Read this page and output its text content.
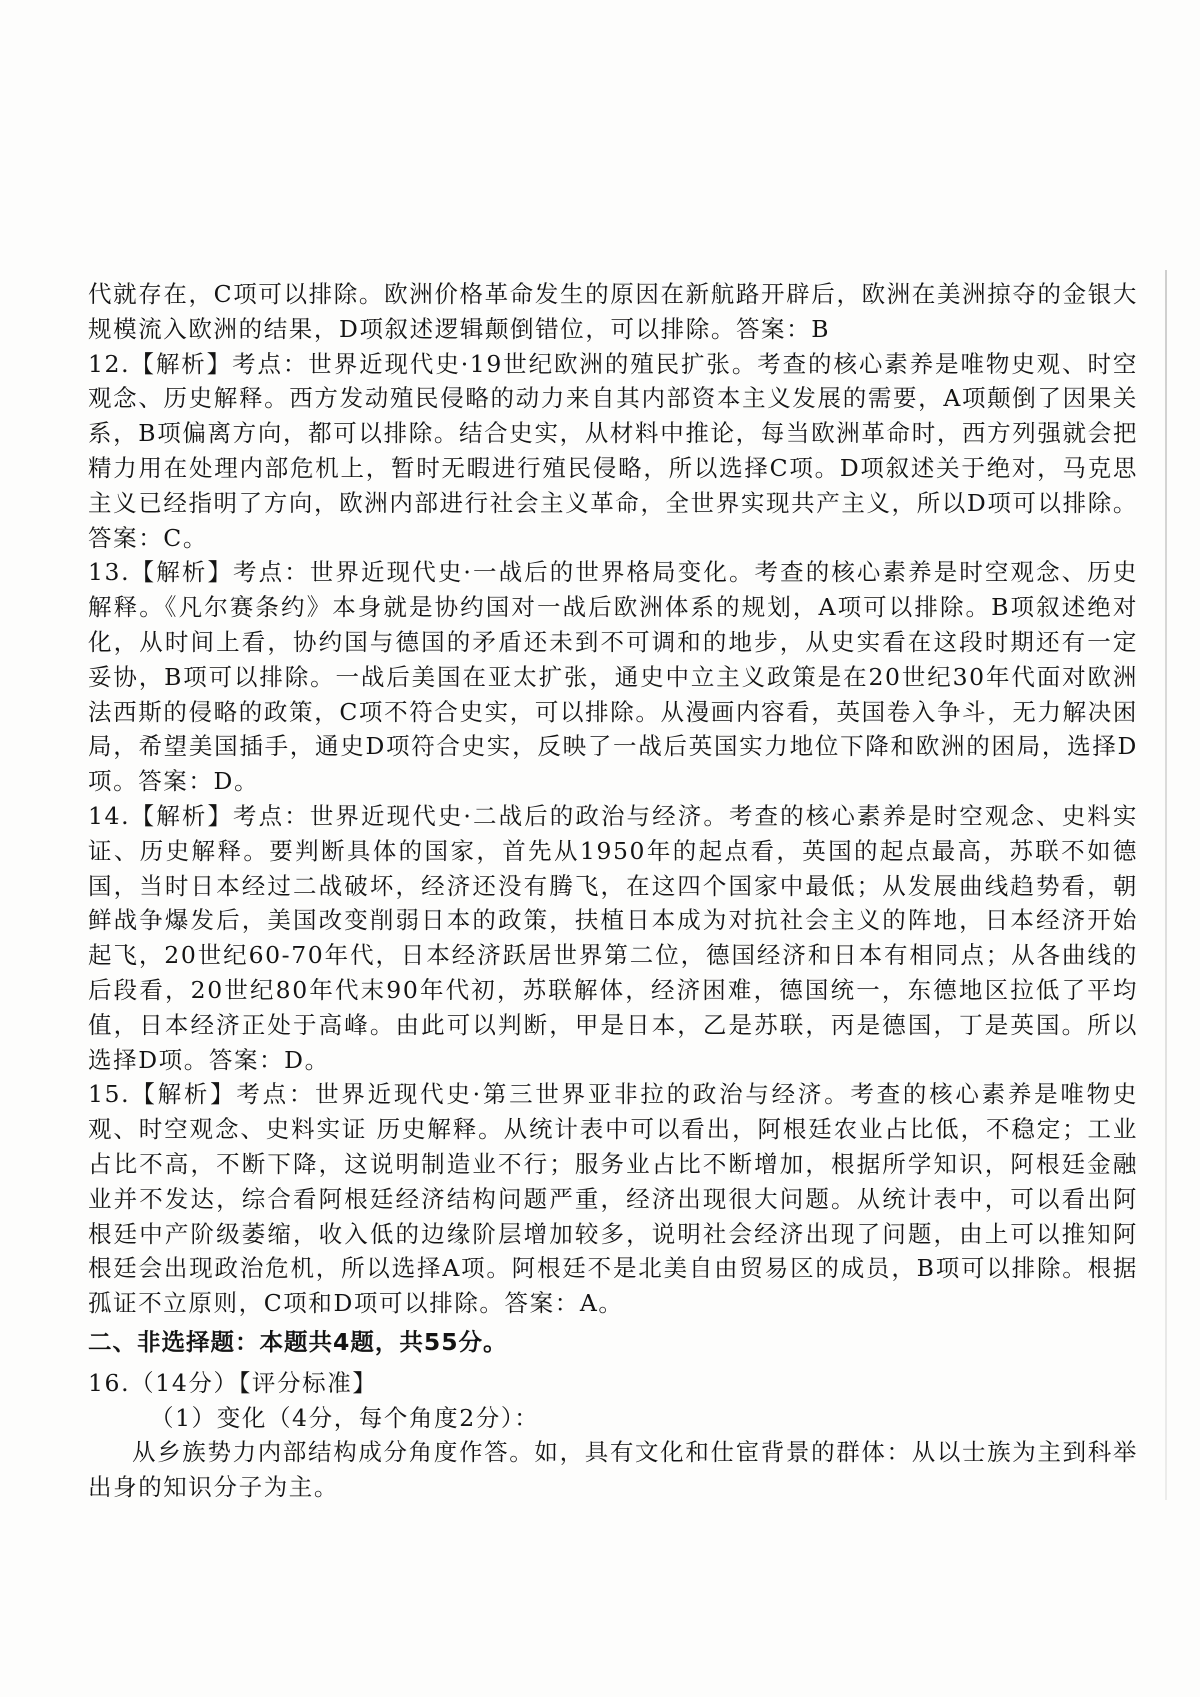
代就存在，C项可以排除。欧洲价格革命发生的原因在新航路开辟后，欧洲在美洲掠夺的金银大规模流入欧洲的结果，D项叙述逻辑颠倒错位，可以排除。答案：B

12.【解析】考点：世界近现代史·19世纪欧洲的殖民扩张。考查的核心素养是唯物史观、时空观念、历史解释。西方发动殖民侵略的动力来自其内部资本主义发展的需要，A项颠倒了因果关系，B项偏离方向，都可以排除。结合史实，从材料中推论，每当欧洲革命时，西方列强就会把精力用在处理内部危机上，暂时无暇进行殖民侵略，所以选择C项。D项叙述关于绝对，马克思主义已经指明了方向，欧洲内部进行社会主义革命，全世界实现共产主义，所以D项可以排除。答案：C。

13.【解析】考点：世界近现代史·一战后的世界格局变化。考查的核心素养是时空观念、历史解释。《凡尔赛条约》本身就是协约国对一战后欧洲体系的规划，A项可以排除。B项叙述绝对化，从时间上看，协约国与德国的矛盾还未到不可调和的地步，从史实看在这段时期还有一定妥协，B项可以排除。一战后美国在亚太扩张，通史中立主义政策是在20世纪30年代面对欧洲法西斯的侵略的政策，C项不符合史实，可以排除。从漫画内容看，英国卷入争斗，无力解决困局，希望美国插手，通史D项符合史实，反映了一战后英国实力地位下降和欧洲的困局，选择D项。答案：D。

14.【解析】考点：世界近现代史·二战后的政治与经济。考查的核心素养是时空观念、史料实证、历史解释。要判断具体的国家，首先从1950年的起点看，英国的起点最高，苏联不如德国，当时日本经过二战破坏，经济还没有腾飞，在这四个国家中最低；从发展曲线趋势看，朝鲜战争爆发后，美国改变削弱日本的政策，扶植日本成为对抗社会主义的阵地，日本经济开始起飞，20世纪60-70年代，日本经济跃居世界第二位，德国经济和日本有相同点；从各曲线的后段看，20世纪80年代末90年代初，苏联解体，经济困难，德国统一，东德地区拉低了平均值，日本经济正处于高峰。由此可以判断，甲是日本，乙是苏联，丙是德国，丁是英国。所以选择D项。答案：D。

15.【解析】考点：世界近现代史·第三世界亚非拉的政治与经济。考查的核心素养是唯物史观、时空观念、史料实证 历史解释。从统计表中可以看出，阿根廷农业占比低，不稳定；工业占比不高，不断下降，这说明制造业不行；服务业占比不断增加，根据所学知识，阿根廷金融业并不发达，综合看阿根廷经济结构问题严重，经济出现很大问题。从统计表中，可以看出阿根廷中产阶级萎缩，收入低的边缘阶层增加较多，说明社会经济出现了问题，由上可以推知阿根廷会出现政治危机，所以选择A项。阿根廷不是北美自由贸易区的成员，B项可以排除。根据孤证不立原则，C项和D项可以排除。答案：A。

二、非选择题：本题共4题，共55分。

16.（14分）【评分标准】

（1）变化（4分，每个角度2分）：

从乡族势力内部结构成分角度作答。如，具有文化和仕宦背景的群体：从以士族为主到科举出身的知识分子为主。
